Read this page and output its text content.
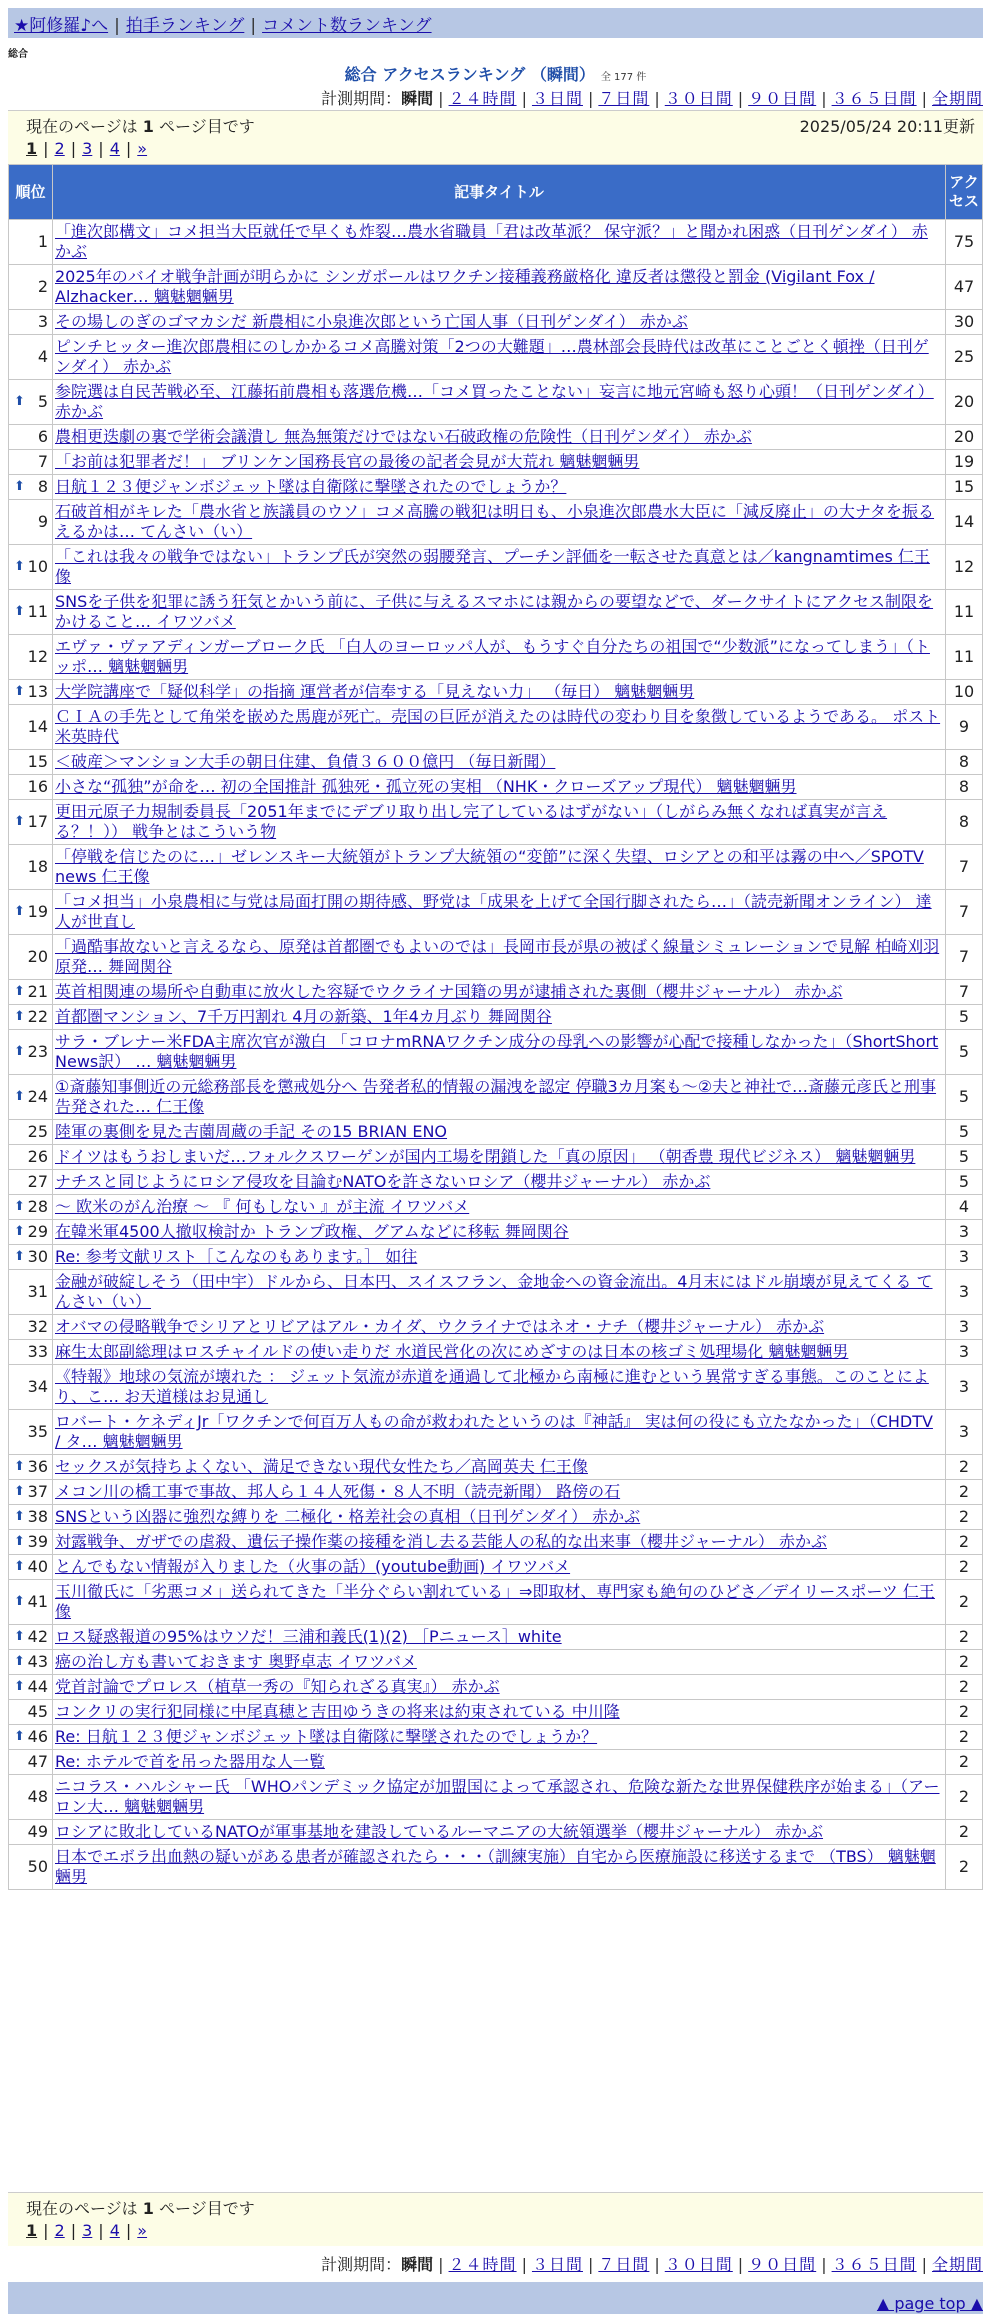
★阿修羅♪へ | 拍手ランキング | コメント数ランキング
総合
総合 アクセスランキング （瞬間） 全 177 件
計測期間：瞬間 | ２４時間 | ３日間 | ７日間 | ３０日間 | ９０日間 | ３６５日間 | 全期間
現在のページは 1 ページ目です	2025/05/24 20:11更新
1 | 2 | 3 | 4 | »
順位	記事タイトル	アクセス
1	「進次郎構文」コメ担当大臣就任で早くも炸裂…農水省職員「君は改革派？ 保守派？」と聞かれ困惑（日刊ゲンダイ） 赤かぶ	75
2	2025年のバイオ戦争計画が明らかに シンガポールはワクチン接種義務厳格化 違反者は懲役と罰金 (Vigilant Fox / Alzhacker… 魑魅魍魎男	47
3	その場しのぎのゴマカシだ 新農相に小泉進次郎という亡国人事（日刊ゲンダイ） 赤かぶ	30
4	ピンチヒッター進次郎農相にのしかかるコメ高騰対策「2つの大難題」…農林部会長時代は改革にことごとく頓挫（日刊ゲンダイ） 赤かぶ	25

⬆ 5	参院選は自民苦戦必至、江藤拓前農相も落選危機…「コメ買ったことない」妄言に地元宮崎も怒り心頭！（日刊ゲンダイ） 赤かぶ	20
6	農相更迭劇の裏で学術会議潰し 無為無策だけではない石破政権の危険性（日刊ゲンダイ） 赤かぶ	20
7	「お前は犯罪者だ！」 ブリンケン国務長官の最後の記者会見が大荒れ 魑魅魍魎男	19

⬆ 8	日航１２３便ジャンボジェット墜は自衛隊に撃墜されたのでしょうか？	15
9	石破首相がキレた「農水省と族議員のウソ」コメ高騰の戦犯は明日も、小泉進次郎農水大臣に「減反廃止」の大ナタを振るえるかは… てんさい（い）	14

⬆ 10	「これは我々の戦争ではない」トランプ氏が突然の弱腰発言、プーチン評価を一転させた真意とは／kangnamtimes 仁王像	12

⬆ 11	SNSを子供を犯罪に誘う狂気とかいう前に、子供に与えるスマホには親からの要望などで、ダークサイトにアクセス制限をかけること… イワツバメ	11
12	エヴァ・ヴァアディンガーブローク氏 「白人のヨーロッパ人が、もうすぐ自分たちの祖国で“少数派”になってしまう」（トッポ… 魑魅魍魎男	11

⬆ 13	大学院講座で「疑似科学」の指摘 運営者が信奉する「見えない力」 （毎日） 魑魅魍魎男	10
14	ＣＩＡの手先として角栄を嵌めた馬鹿が死亡。売国の巨匠が消えたのは時代の変わり目を象徴しているようである。 ポスト米英時代	9
15	＜破産＞マンション大手の朝日住建、負債３６００億円 （毎日新聞）	8
16	小さな“孤独”が命を… 初の全国推計 孤独死・孤立死の実相 （NHK・クローズアップ現代） 魑魅魍魎男	8

⬆ 17	更田元原子力規制委員長「2051年までにデブリ取り出し完了しているはずがない」（しがらみ無くなれば真実が言える？！）） 戦争とはこういう物	8
18	「停戦を信じたのに…」ゼレンスキー大統領がトランプ大統領の“変節”に深く失望、ロシアとの和平は霧の中へ／SPOTV news 仁王像	7

⬆ 19	「コメ担当」小泉農相に与党は局面打開の期待感、野党は「成果を上げて全国行脚されたら…」（読売新聞オンライン） 達人が世直し	7
20	「過酷事故ないと言えるなら、原発は首都圏でもよいのでは」長岡市長が県の被ばく線量シミュレーションで見解 柏崎刈羽原発… 舞岡関谷	7

⬆ 21	英首相関連の場所や自動車に放火した容疑でウクライナ国籍の男が逮捕された裏側（櫻井ジャーナル） 赤かぶ	7

⬆ 22	首都圏マンション、7千万円割れ 4月の新築、1年4カ月ぶり 舞岡関谷	5

⬆ 23	サラ・ブレナー米FDA主席次官が激白 「コロナmRNAワクチン成分の母乳への影響が心配で接種しなかった」（ShortShort News訳） … 魑魅魍魎男	5

⬆ 24	①斎藤知事側近の元総務部長を懲戒処分へ 告発者私的情報の漏洩を認定 停職3カ月案も～②夫と神社で…斎藤元彦氏と刑事告発された… 仁王像	5
25	陸軍の裏側を見た吉薗周蔵の手記 その15 BRIAN ENO	5
26	ドイツはもうおしまいだ…フォルクスワーゲンが国内工場を閉鎖した「真の原因」 （朝香豊 現代ビジネス） 魑魅魍魎男	5
27	ナチスと同じようにロシア侵攻を目論むNATOを許さないロシア（櫻井ジャーナル） 赤かぶ	5

⬆ 28	～ 欧米のがん治療 ～ 『 何もしない 』が主流 イワツバメ	4

⬆ 29	在韓米軍4500人撤収検討か トランプ政権、グアムなどに移転 舞岡関谷	3

⬆ 30	Re: 参考文献リスト［こんなのもあります。］ 如往	3
31	金融が破綻しそう（田中宇）ドルから、日本円、スイスフラン、金地金への資金流出。4月末にはドル崩壊が見えてくる てんさい（い）	3
32	オバマの侵略戦争でシリアとリビアはアル・カイダ、ウクライナではネオ・ナチ（櫻井ジャーナル） 赤かぶ	3
33	麻生太郎副総理はロスチャイルドの使い走りだ 水道民営化の次にめざすのは日本の核ゴミ処理場化 魑魅魍魎男	3
34	《特報》地球の気流が壊れた ： ジェット気流が赤道を通過して北極から南極に進むという異常すぎる事態。このことにより、こ… お天道様はお見通し	3
35	ロバート・ケネディJr「ワクチンで何百万人もの命が救われたというのは『神話』 実は何の役にも立たなかった」（CHDTV / タ… 魑魅魍魎男	3

⬆ 36	セックスが気持ちよくない、満足できない現代女性たち／高岡英夫 仁王像	2

⬆ 37	メコン川の橋工事で事故、邦人ら１４人死傷・８人不明（読売新聞） 路傍の石	2

⬆ 38	SNSという凶器に強烈な縛りを 二極化・格差社会の真相（日刊ゲンダイ） 赤かぶ	2

⬆ 39	対露戦争、ガザでの虐殺、遺伝子操作薬の接種を消し去る芸能人の私的な出来事（櫻井ジャーナル） 赤かぶ	2

⬆ 40	とんでもない情報が入りました（火事の話）(youtube動画) イワツバメ	2

⬆ 41	玉川徹氏に「劣悪コメ」送られてきた「半分ぐらい割れている」⇒即取材、専門家も絶句のひどさ／デイリースポーツ 仁王像	2

⬆ 42	ロス疑惑報道の95%はウソだ！三浦和義氏(1)(2) ［Pニュース］white	2

⬆ 43	癌の治し方も書いておきます 奥野卓志 イワツバメ	2

⬆ 44	党首討論でプロレス（植草一秀の『知られざる真実』） 赤かぶ	2
45	コンクリの実行犯同様に中尾真穂と吉田ゆうきの将来は約束されている 中川隆	2

⬆ 46	Re: 日航１２３便ジャンボジェット墜は自衛隊に撃墜されたのでしょうか？	2
47	Re: ホテルで首を吊った器用な人一覧	2
48	ニコラス・ハルシャー氏 「WHOパンデミック協定が加盟国によって承認され、危険な新たな世界保健秩序が始まる」（アーロン大… 魑魅魍魎男	2
49	ロシアに敗北しているNATOが軍事基地を建設しているルーマニアの大統領選挙（櫻井ジャーナル） 赤かぶ	2
50	日本でエボラ出血熱の疑いがある患者が確認されたら・・・（訓練実施）自宅から医療施設に移送するまで （TBS） 魑魅魍魎男	2
現在のページは 1 ページ目です
1 | 2 | 3 | 4 | »
計測期間：瞬間 | ２４時間 | ３日間 | ７日間 | ３０日間 | ９０日間 | ３６５日間 | 全期間
▲ page top ▲
